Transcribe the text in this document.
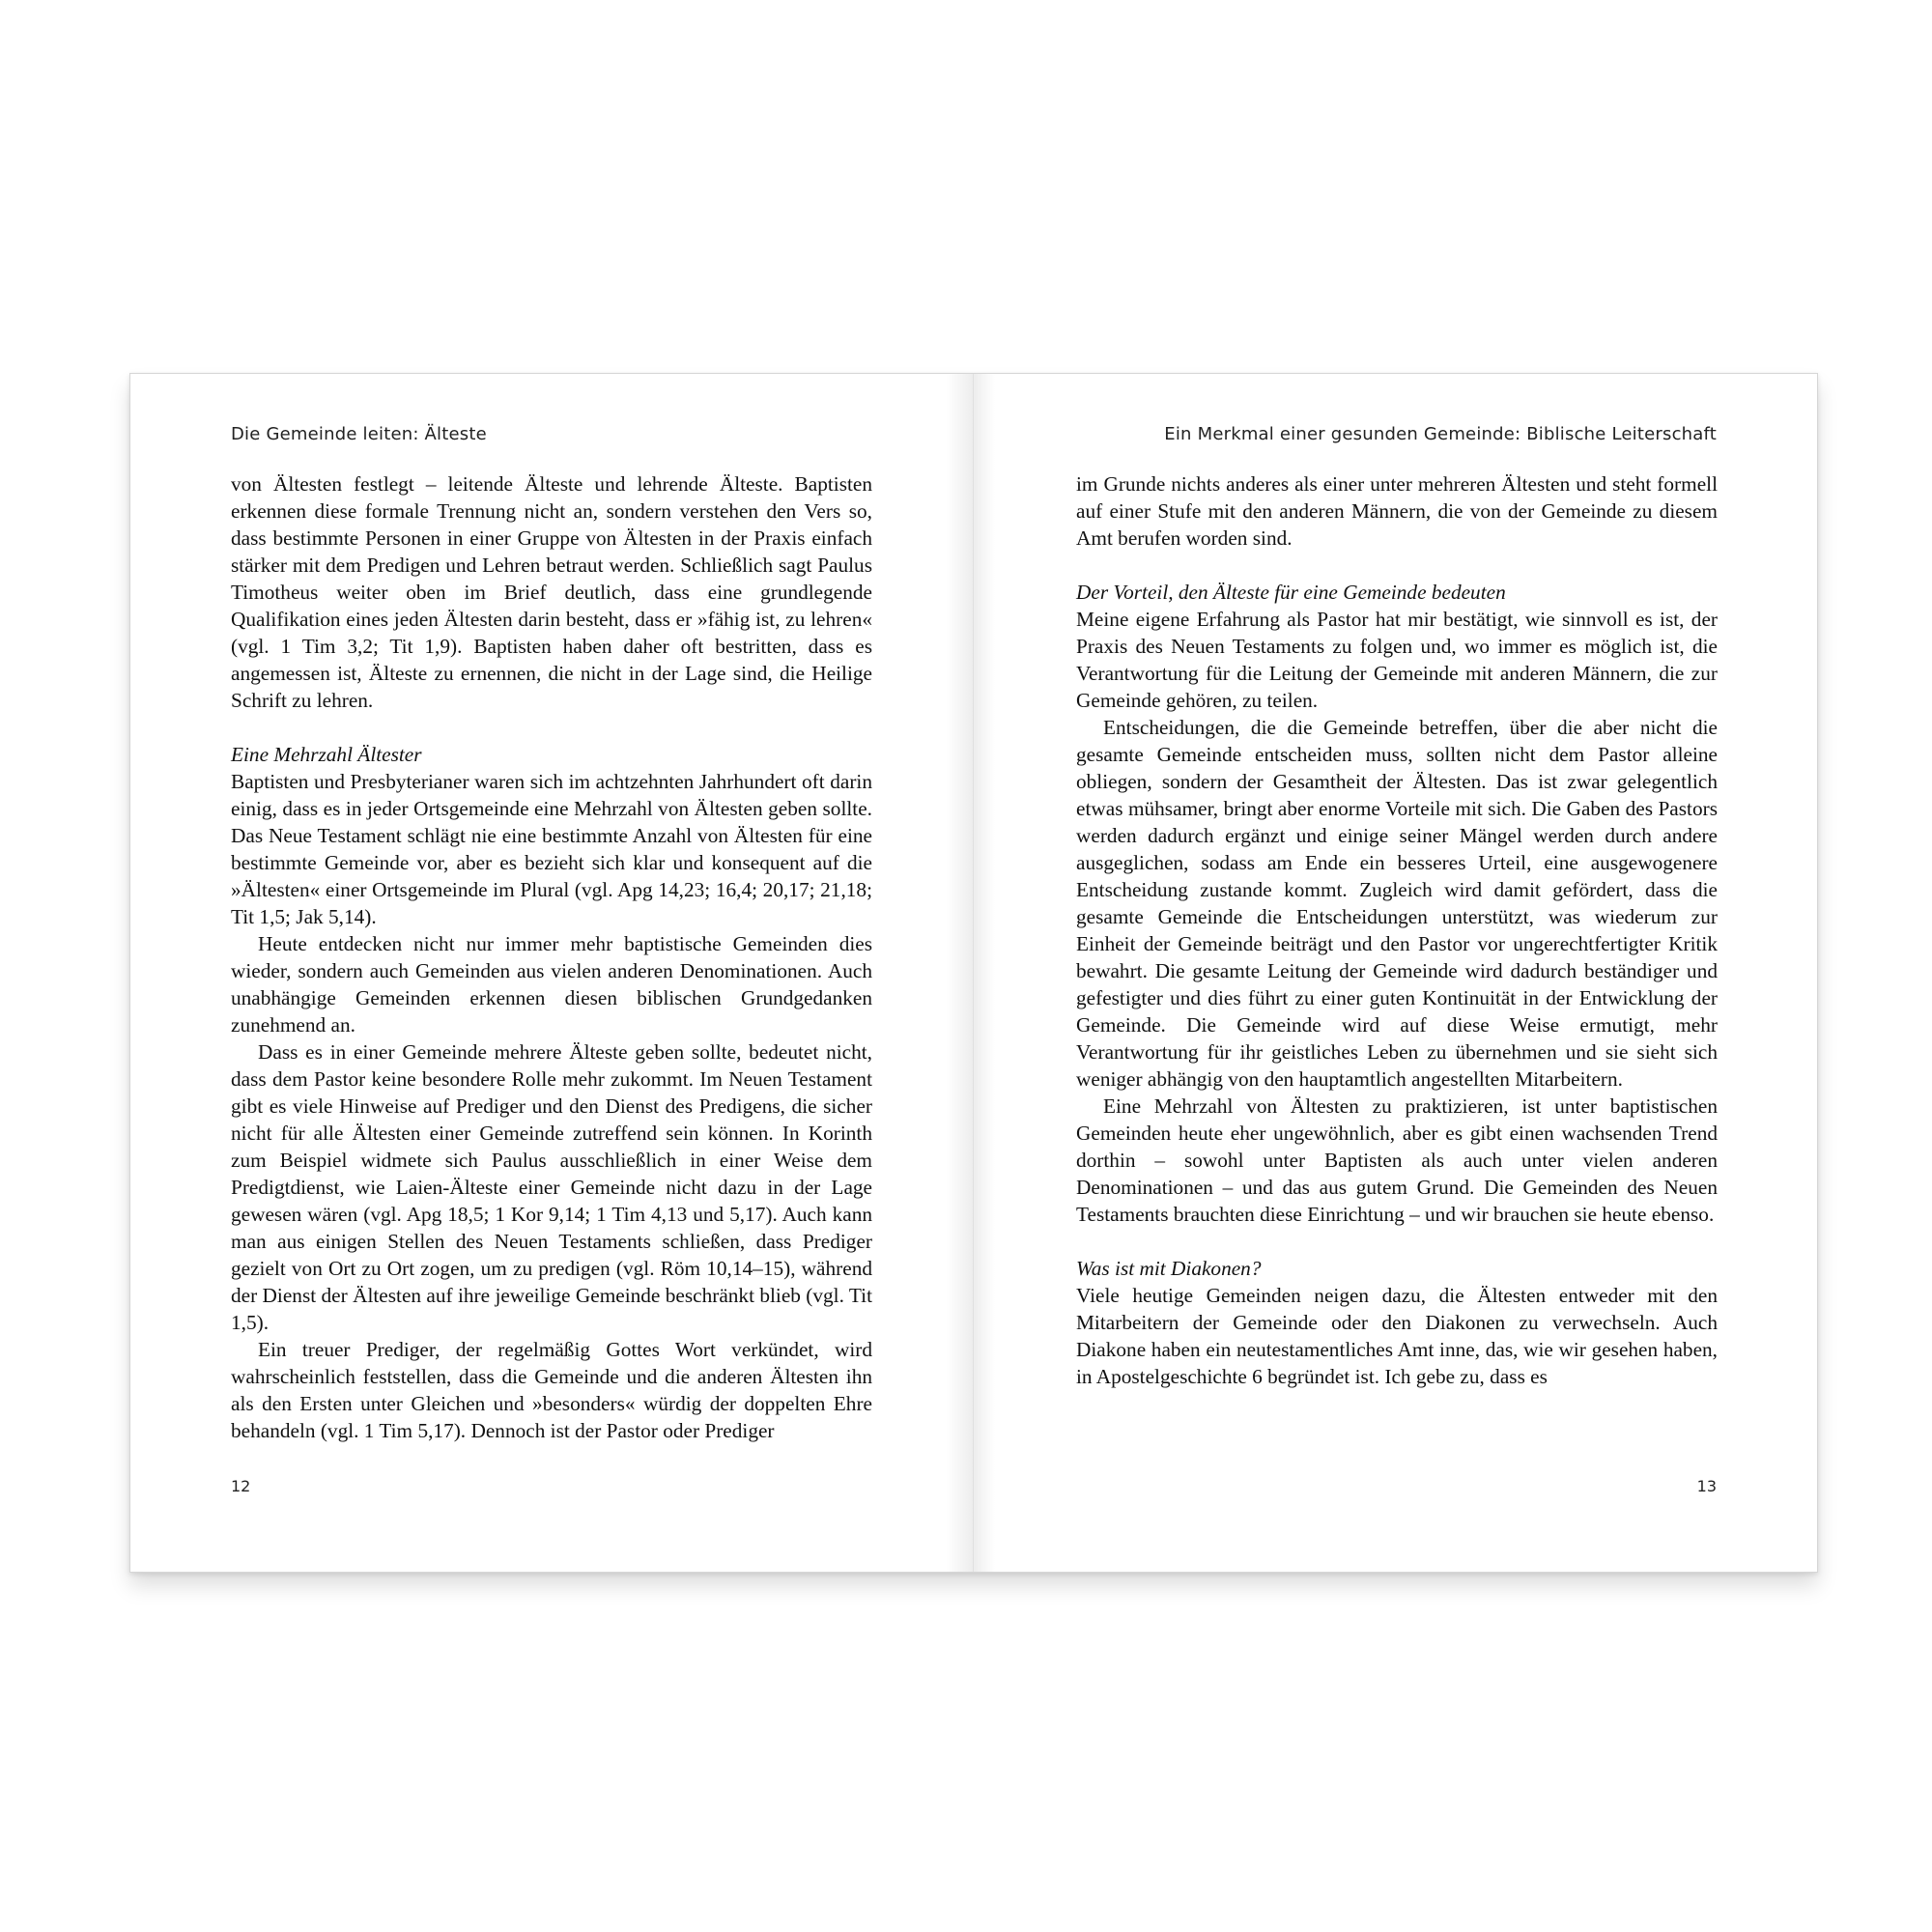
Die Gemeinde leiten: Älteste

von Ältesten festlegt – leitende Älteste und lehrende Älteste. Baptisten erkennen diese formale Trennung nicht an, sondern verstehen den Vers so, dass bestimmte Personen in einer Gruppe von Ältesten in der Praxis einfach stärker mit dem Predigen und Lehren betraut werden. Schließlich sagt Paulus Timotheus weiter oben im Brief deutlich, dass eine grundlegende Qualifikation eines jeden Ältesten darin besteht, dass er »fähig ist, zu lehren« (vgl. 1 Tim 3,2; Tit 1,9). Baptisten haben daher oft bestritten, dass es angemessen ist, Älteste zu ernennen, die nicht in der Lage sind, die Heilige Schrift zu lehren.

Eine Mehrzahl Ältester

Baptisten und Presbyterianer waren sich im achtzehnten Jahrhundert oft darin einig, dass es in jeder Ortsgemeinde eine Mehrzahl von Ältesten geben sollte. Das Neue Testament schlägt nie eine bestimmte Anzahl von Ältesten für eine bestimmte Gemeinde vor, aber es bezieht sich klar und konsequent auf die »Ältesten« einer Ortsgemeinde im Plural (vgl. Apg 14,23; 16,4; 20,17; 21,18; Tit 1,5; Jak 5,14).

Heute entdecken nicht nur immer mehr baptistische Gemeinden dies wieder, sondern auch Gemeinden aus vielen anderen Denominationen. Auch unabhängige Gemeinden erkennen diesen biblischen Grundgedanken zunehmend an.

Dass es in einer Gemeinde mehrere Älteste geben sollte, bedeutet nicht, dass dem Pastor keine besondere Rolle mehr zukommt. Im Neuen Testament gibt es viele Hinweise auf Prediger und den Dienst des Predigens, die sicher nicht für alle Ältesten einer Gemeinde zutreffend sein können. In Korinth zum Beispiel widmete sich Paulus ausschließlich in einer Weise dem Predigtdienst, wie Laien-Älteste einer Gemeinde nicht dazu in der Lage gewesen wären (vgl. Apg 18,5; 1 Kor 9,14; 1 Tim 4,13 und 5,17). Auch kann man aus einigen Stellen des Neuen Testaments schließen, dass Prediger gezielt von Ort zu Ort zogen, um zu predigen (vgl. Röm 10,14–15), während der Dienst der Ältesten auf ihre jeweilige Gemeinde beschränkt blieb (vgl. Tit 1,5).

Ein treuer Prediger, der regelmäßig Gottes Wort verkündet, wird wahrscheinlich feststellen, dass die Gemeinde und die anderen Ältesten ihn als den Ersten unter Gleichen und »besonders« würdig der doppelten Ehre behandeln (vgl. 1 Tim 5,17). Dennoch ist der Pastor oder Prediger

12
Ein Merkmal einer gesunden Gemeinde: Biblische Leiterschaft

im Grunde nichts anderes als einer unter mehreren Ältesten und steht formell auf einer Stufe mit den anderen Männern, die von der Gemeinde zu diesem Amt berufen worden sind.

Der Vorteil, den Älteste für eine Gemeinde bedeuten

Meine eigene Erfahrung als Pastor hat mir bestätigt, wie sinnvoll es ist, der Praxis des Neuen Testaments zu folgen und, wo immer es möglich ist, die Verantwortung für die Leitung der Gemeinde mit anderen Männern, die zur Gemeinde gehören, zu teilen.

Entscheidungen, die die Gemeinde betreffen, über die aber nicht die gesamte Gemeinde entscheiden muss, sollten nicht dem Pastor alleine obliegen, sondern der Gesamtheit der Ältesten. Das ist zwar gelegentlich etwas mühsamer, bringt aber enorme Vorteile mit sich. Die Gaben des Pastors werden dadurch ergänzt und einige seiner Mängel werden durch andere ausgeglichen, sodass am Ende ein besseres Urteil, eine ausgewogenere Entscheidung zustande kommt. Zugleich wird damit gefördert, dass die gesamte Gemeinde die Entscheidungen unterstützt, was wiederum zur Einheit der Gemeinde beiträgt und den Pastor vor ungerechtfertigter Kritik bewahrt. Die gesamte Leitung der Gemeinde wird dadurch beständiger und gefestigter und dies führt zu einer guten Kontinuität in der Entwicklung der Gemeinde. Die Gemeinde wird auf diese Weise ermutigt, mehr Verantwortung für ihr geistliches Leben zu übernehmen und sie sieht sich weniger abhängig von den hauptamtlich angestellten Mitarbeitern.

Eine Mehrzahl von Ältesten zu praktizieren, ist unter baptistischen Gemeinden heute eher ungewöhnlich, aber es gibt einen wachsenden Trend dorthin – sowohl unter Baptisten als auch unter vielen anderen Denominationen – und das aus gutem Grund. Die Gemeinden des Neuen Testaments brauchten diese Einrichtung – und wir brauchen sie heute ebenso.

Was ist mit Diakonen?

Viele heutige Gemeinden neigen dazu, die Ältesten entweder mit den Mitarbeitern der Gemeinde oder den Diakonen zu verwechseln. Auch Diakone haben ein neutestamentliches Amt inne, das, wie wir gesehen haben, in Apostelgeschichte 6 begründet ist. Ich gebe zu, dass es

13
